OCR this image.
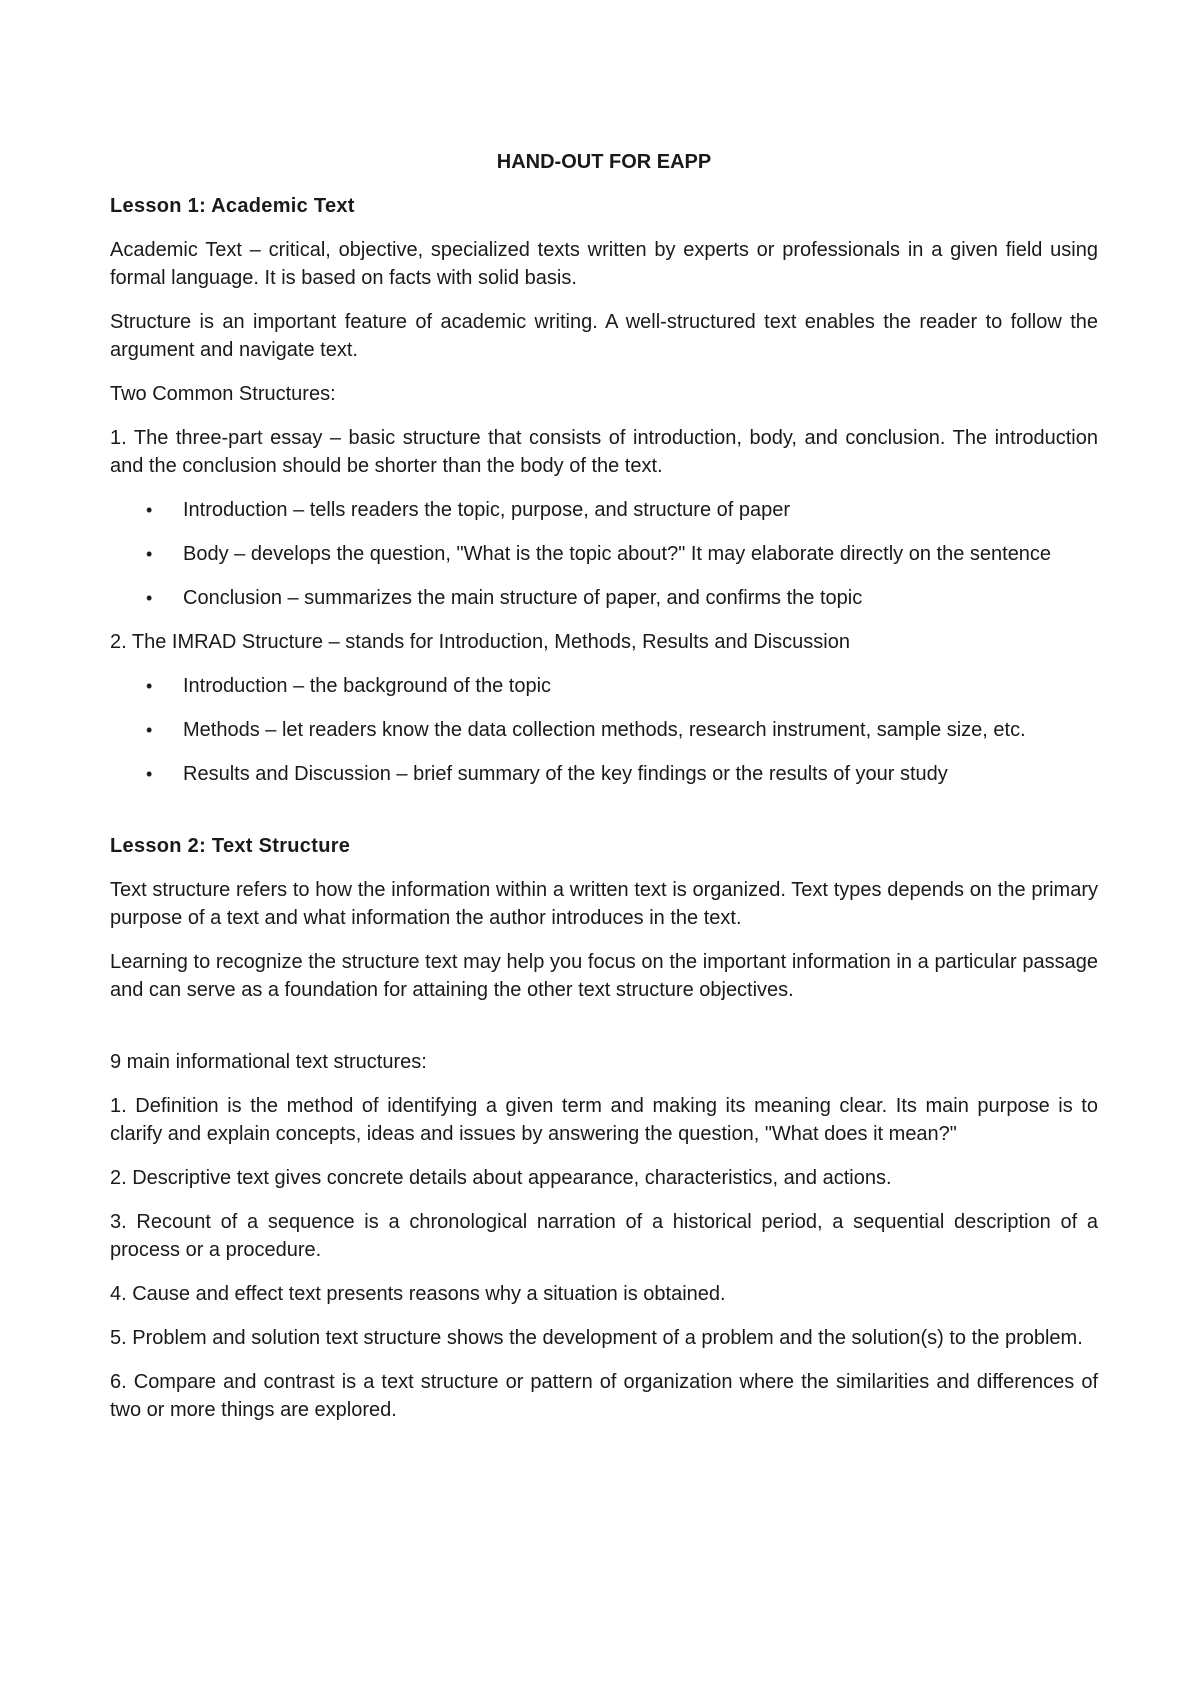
HAND-OUT FOR EAPP
Lesson 1: Academic Text

Academic Text – critical, objective, specialized texts written by experts or professionals in a given field using formal language. It is based on facts with solid basis.

Structure is an important feature of academic writing. A well-structured text enables the reader to follow the argument and navigate text.

Two Common Structures:

1. The three-part essay – basic structure that consists of introduction, body, and conclusion. The introduction and the conclusion should be shorter than the body of the text.

• Introduction – tells readers the topic, purpose, and structure of paper
• Body – develops the question, "What is the topic about?" It may elaborate directly on the sentence
• Conclusion – summarizes the main structure of paper, and confirms the topic

2. The IMRAD Structure – stands for Introduction, Methods, Results and Discussion

• Introduction – the background of the topic
• Methods – let readers know the data collection methods, research instrument, sample size, etc.
• Results and Discussion – brief summary of the key findings or the results of your study
Lesson 2: Text Structure

Text structure refers to how the information within a written text is organized. Text types depends on the primary purpose of a text and what information the author introduces in the text.

Learning to recognize the structure text may help you focus on the important information in a particular passage and can serve as a foundation for attaining the other text structure objectives.

9 main informational text structures:

1. Definition is the method of identifying a given term and making its meaning clear. Its main purpose is to clarify and explain concepts, ideas and issues by answering the question, "What does it mean?"

2. Descriptive text gives concrete details about appearance, characteristics, and actions.

3. Recount of a sequence is a chronological narration of a historical period, a sequential description of a process or a procedure.

4. Cause and effect text presents reasons why a situation is obtained.

5. Problem and solution text structure shows the development of a problem and the solution(s) to the problem.

6. Compare and contrast is a text structure or pattern of organization where the similarities and differences of two or more things are explored.
